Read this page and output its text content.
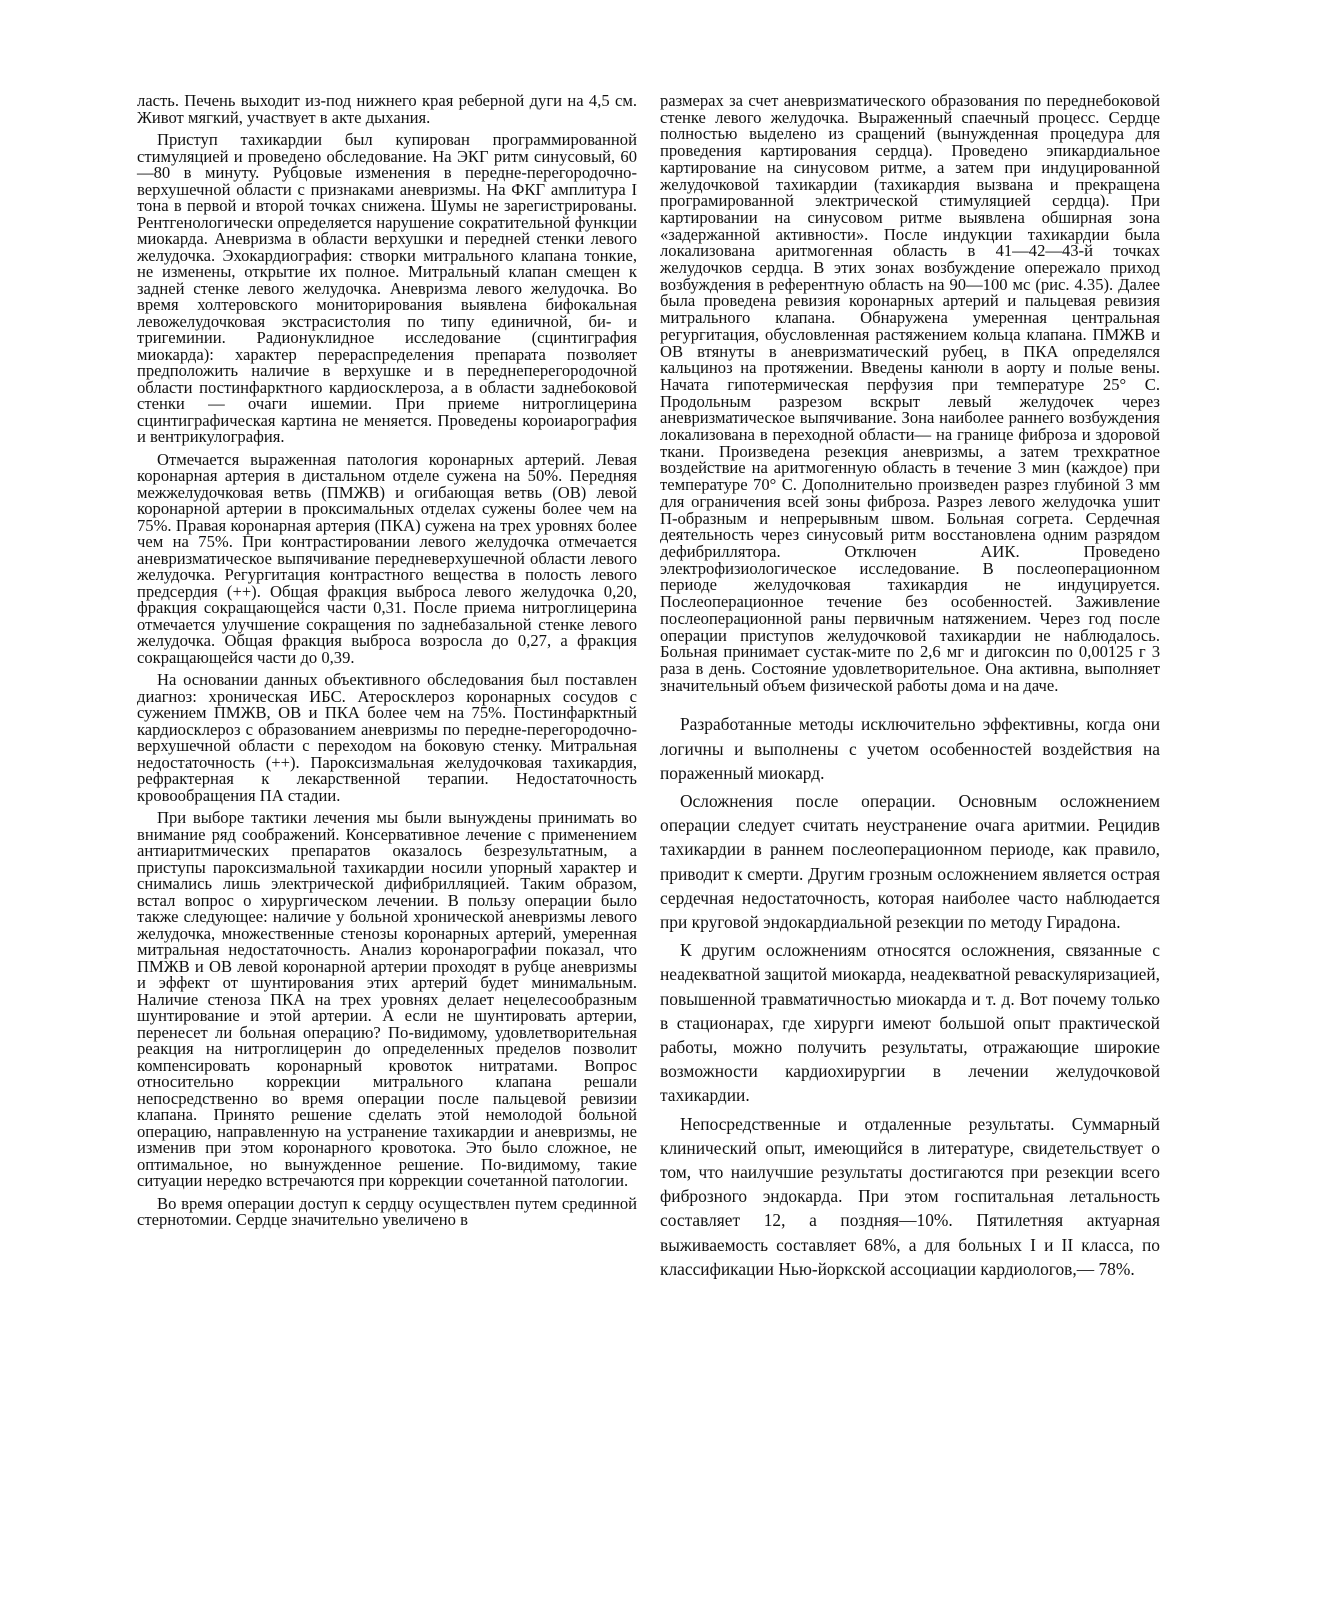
ласть. Печень выходит из-под нижнего края реберной дуги на 4,5 см. Живот мягкий, участвует в акте дыхания.

Приступ тахикардии был купирован программированной стимуляцией и проведено обследование. На ЭКГ ритм синусовый, 60—80 в минуту. Рубцовые изменения в передне-перегородочно-верхушечной области с признаками аневризмы. На ФКГ амплитура I тона в первой и второй точках снижена. Шумы не зарегистрированы. Рентгенологически определяется нарушение сократительной функции миокарда. Аневризма в области верхушки и передней стенки левого желудочка. Эхокардиография: створки митрального клапана тонкие, не изменены, открытие их полное. Митральный клапан смещен к задней стенке левого желудочка. Аневризма левого желудочка. Во время холтеровского мониторирования выявлена бифокальная левожелудочковая экстрасистолия по типу единичной, би- и тригеминии. Радионуклидное исследование (сцинтиграфия миокарда): характер перераспределения препарата позволяет предположить наличие в верхушке и в переднеперегородочной области постинфарктного кардиосклероза, а в области заднебоковой стенки — очаги ишемии. При приеме нитроглицерина сцинтиграфическая картина не меняется. Проведены короиарография и вентрикулография.

Отмечается выраженная патология коронарных артерий. Левая коронарная артерия в дистальном отделе сужена на 50%. Передняя межжелудочковая ветвь (ПМЖВ) и огибающая ветвь (ОВ) левой коронарной артерии в проксимальных отделах сужены более чем на 75%. Правая коронарная артерия (ПКА) сужена на трех уровнях более чем на 75%. При контрастировании левого желудочка отмечается аневризматическое выпячивание передневерхушечной области левого желудочка. Регургитация контрастного вещества в полость левого предсердия (++). Общая фракция выброса левого желудочка 0,20, фракция сокращающейся части 0,31. После приема нитроглицерина отмечается улучшение сокращения по заднебазальной стенке левого желудочка. Общая фракция выброса возросла до 0,27, а фракция сокращающейся части до 0,39.

На основании данных объективного обследования был поставлен диагноз: хроническая ИБС. Атеросклероз коронарных сосудов с сужением ПМЖВ, ОВ и ПКА более чем на 75%. Постинфарктный кардиосклероз с образованием аневризмы по передне-перегородочно-верхушечной области с переходом на боковую стенку. Митральная недостаточность (++). Пароксизмальная желудочковая тахикардия, рефрактерная к лекарственной терапии. Недостаточность кровообращения ПА стадии.

При выборе тактики лечения мы были вынуждены принимать во внимание ряд соображений. Консервативное лечение с применением антиаритмических препаратов оказалось безрезультатным, а приступы пароксизмальной тахикардии носили упорный характер и снимались лишь электрической дифибрилляцией. Таким образом, встал вопрос о хирургическом лечении. В пользу операции было также следующее: наличие у больной хронической аневризмы левого желудочка, множественные стенозы коронарных артерий, умеренная митральная недостаточность. Анализ коронарографии показал, что ПМЖВ и ОВ левой коронарной артерии проходят в рубце аневризмы и эффект от шунтирования этих артерий будет минимальным. Наличие стеноза ПКА на трех уровнях делает нецелесообразным шунтирование и этой артерии. А если не шунтировать артерии, перенесет ли больная операцию? По-видимому, удовлетворительная реакция на нитроглицерин до определенных пределов позволит компенсировать коронарный кровоток нитратами. Вопрос относительно коррекции митрального клапана решали непосредственно во время операции после пальцевой ревизии клапана. Принято решение сделать этой немолодой больной операцию, направленную на устранение тахикардии и аневризмы, не изменив при этом коронарного кровотока. Это было сложное, не оптимальное, но вынужденное решение. По-видимому, такие ситуации нередко встречаются при коррекции сочетанной патологии.

Во время операции доступ к сердцу осуществлен путем срединной стернотомии. Сердце значительно увеличено в

размерах за счет аневризматического образования по переднебоковой стенке левого желудочка. Выраженный спаечный процесс. Сердце полностью выделено из сращений (вынужденная процедура для проведения картирования сердца). Проведено эпикардиальное картирование на синусовом ритме, а затем при индуцированной желудочковой тахикардии (тахикардия вызвана и прекращена програмированной электрической стимуляцией сердца). При картировании на синусовом ритме выявлена обширная зона «задержанной активности». После индукции тахикардии была локализована аритмогенная область в 41—42—43-й точках желудочков сердца. В этих зонах возбуждение опережало приход возбуждения в референтную область на 90—100 мс (рис. 4.35). Далее была проведена ревизия коронарных артерий и пальцевая ревизия митрального клапана. Обнаружена умеренная центральная регургитация, обусловленная растяжением кольца клапана. ПМЖВ и ОВ втянуты в аневризматический рубец, в ПКА определялся кальциноз на протяжении. Введены канюли в аорту и полые вены. Начата гипотермическая перфузия при температуре 25° С. Продольным разрезом вскрыт левый желудочек через аневризматическое выпячивание. Зона наиболее раннего возбуждения локализована в переходной области— на границе фиброза и здоровой ткани. Произведена резекция аневризмы, а затем трехкратное воздействие на аритмогенную область в течение 3 мин (каждое) при температуре 70° С. Дополнительно произведен разрез глубиной 3 мм для ограничения всей зоны фиброза. Разрез левого желудочка ушит П-образным и непрерывным швом. Больная согрета. Сердечная деятельность через синусовый ритм восстановлена одним разрядом дефибриллятора. Отключен АИК. Проведено электрофизиологическое исследование. В послеоперационном периоде желудочковая тахикардия не индуцируется. Послеоперационное течение без особенностей. Заживление послеоперационной раны первичным натяжением. Через год после операции приступов желудочковой тахикардии не наблюдалось. Больная принимает сустак-мите по 2,6 мг и дигоксин по 0,00125 г 3 раза в день. Состояние удовлетворительное. Она активна, выполняет значительный объем физической работы дома и на даче.

Разработанные методы исключительно эффективны, когда они логичны и выполнены с учетом особенностей воздействия на пораженный миокард.

Осложнения после операции. Основным осложнением операции следует считать неустранение очага аритмии. Рецидив тахикардии в раннем послеоперационном периоде, как правило, приводит к смерти. Другим грозным осложнением является острая сердечная недостаточность, которая наиболее часто наблюдается при круговой эндокардиальной резекции по методу Гирадона.

К другим осложнениям относятся осложнения, связанные с неадекватной защитой миокарда, неадекватной реваскуляризацией, повышенной травматичностью миокарда и т. д. Вот почему только в стационарах, где хирурги имеют большой опыт практической работы, можно получить результаты, отражающие широкие возможности кардиохирургии в лечении желудочковой тахикардии.

Непосредственные и отдаленные результаты. Суммарный клинический опыт, имеющийся в литературе, свидетельствует о том, что наилучшие результаты достигаются при резекции всего фиброзного эндокарда. При этом госпитальная летальность составляет 12, а поздняя—10%. Пятилетняя актуарная выживаемость составляет 68%, а для больных I и II класса, по классификации Нью-йоркской ассоциации кардиологов,— 78%.
